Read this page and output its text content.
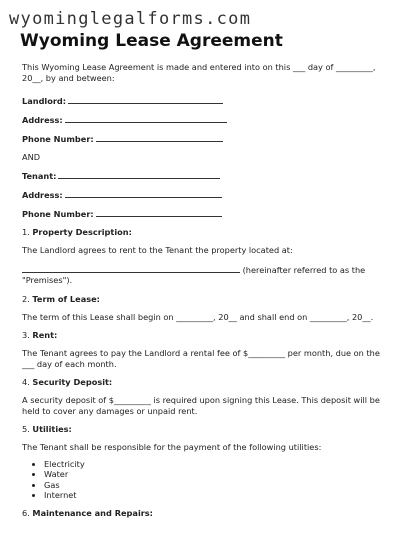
wyominglegalforms.com
Wyoming Lease Agreement

This Wyoming Lease Agreement is made and entered into on this ___ day of _________,

20__, by and between:

Landlord:

Address:

Phone Number:

AND

Tenant:

Address:

Phone Number:

1. Property Description:

The Landlord agrees to rent to the Tenant the property located at:

(hereinafter referred to as the

"Premises").

2. Term of Lease:

The term of this Lease shall begin on _________, 20__ and shall end on _________, 20__.

3. Rent:

The Tenant agrees to pay the Landlord a rental fee of $_________ per month, due on the

___ day of each month.

4. Security Deposit:

A security deposit of $_________ is required upon signing this Lease. This deposit will be

held to cover any damages or unpaid rent.

5. Utilities:

The Tenant shall be responsible for the payment of the following utilities:

• Electricity
• Water
• Gas
• Internet

6. Maintenance and Repairs:
